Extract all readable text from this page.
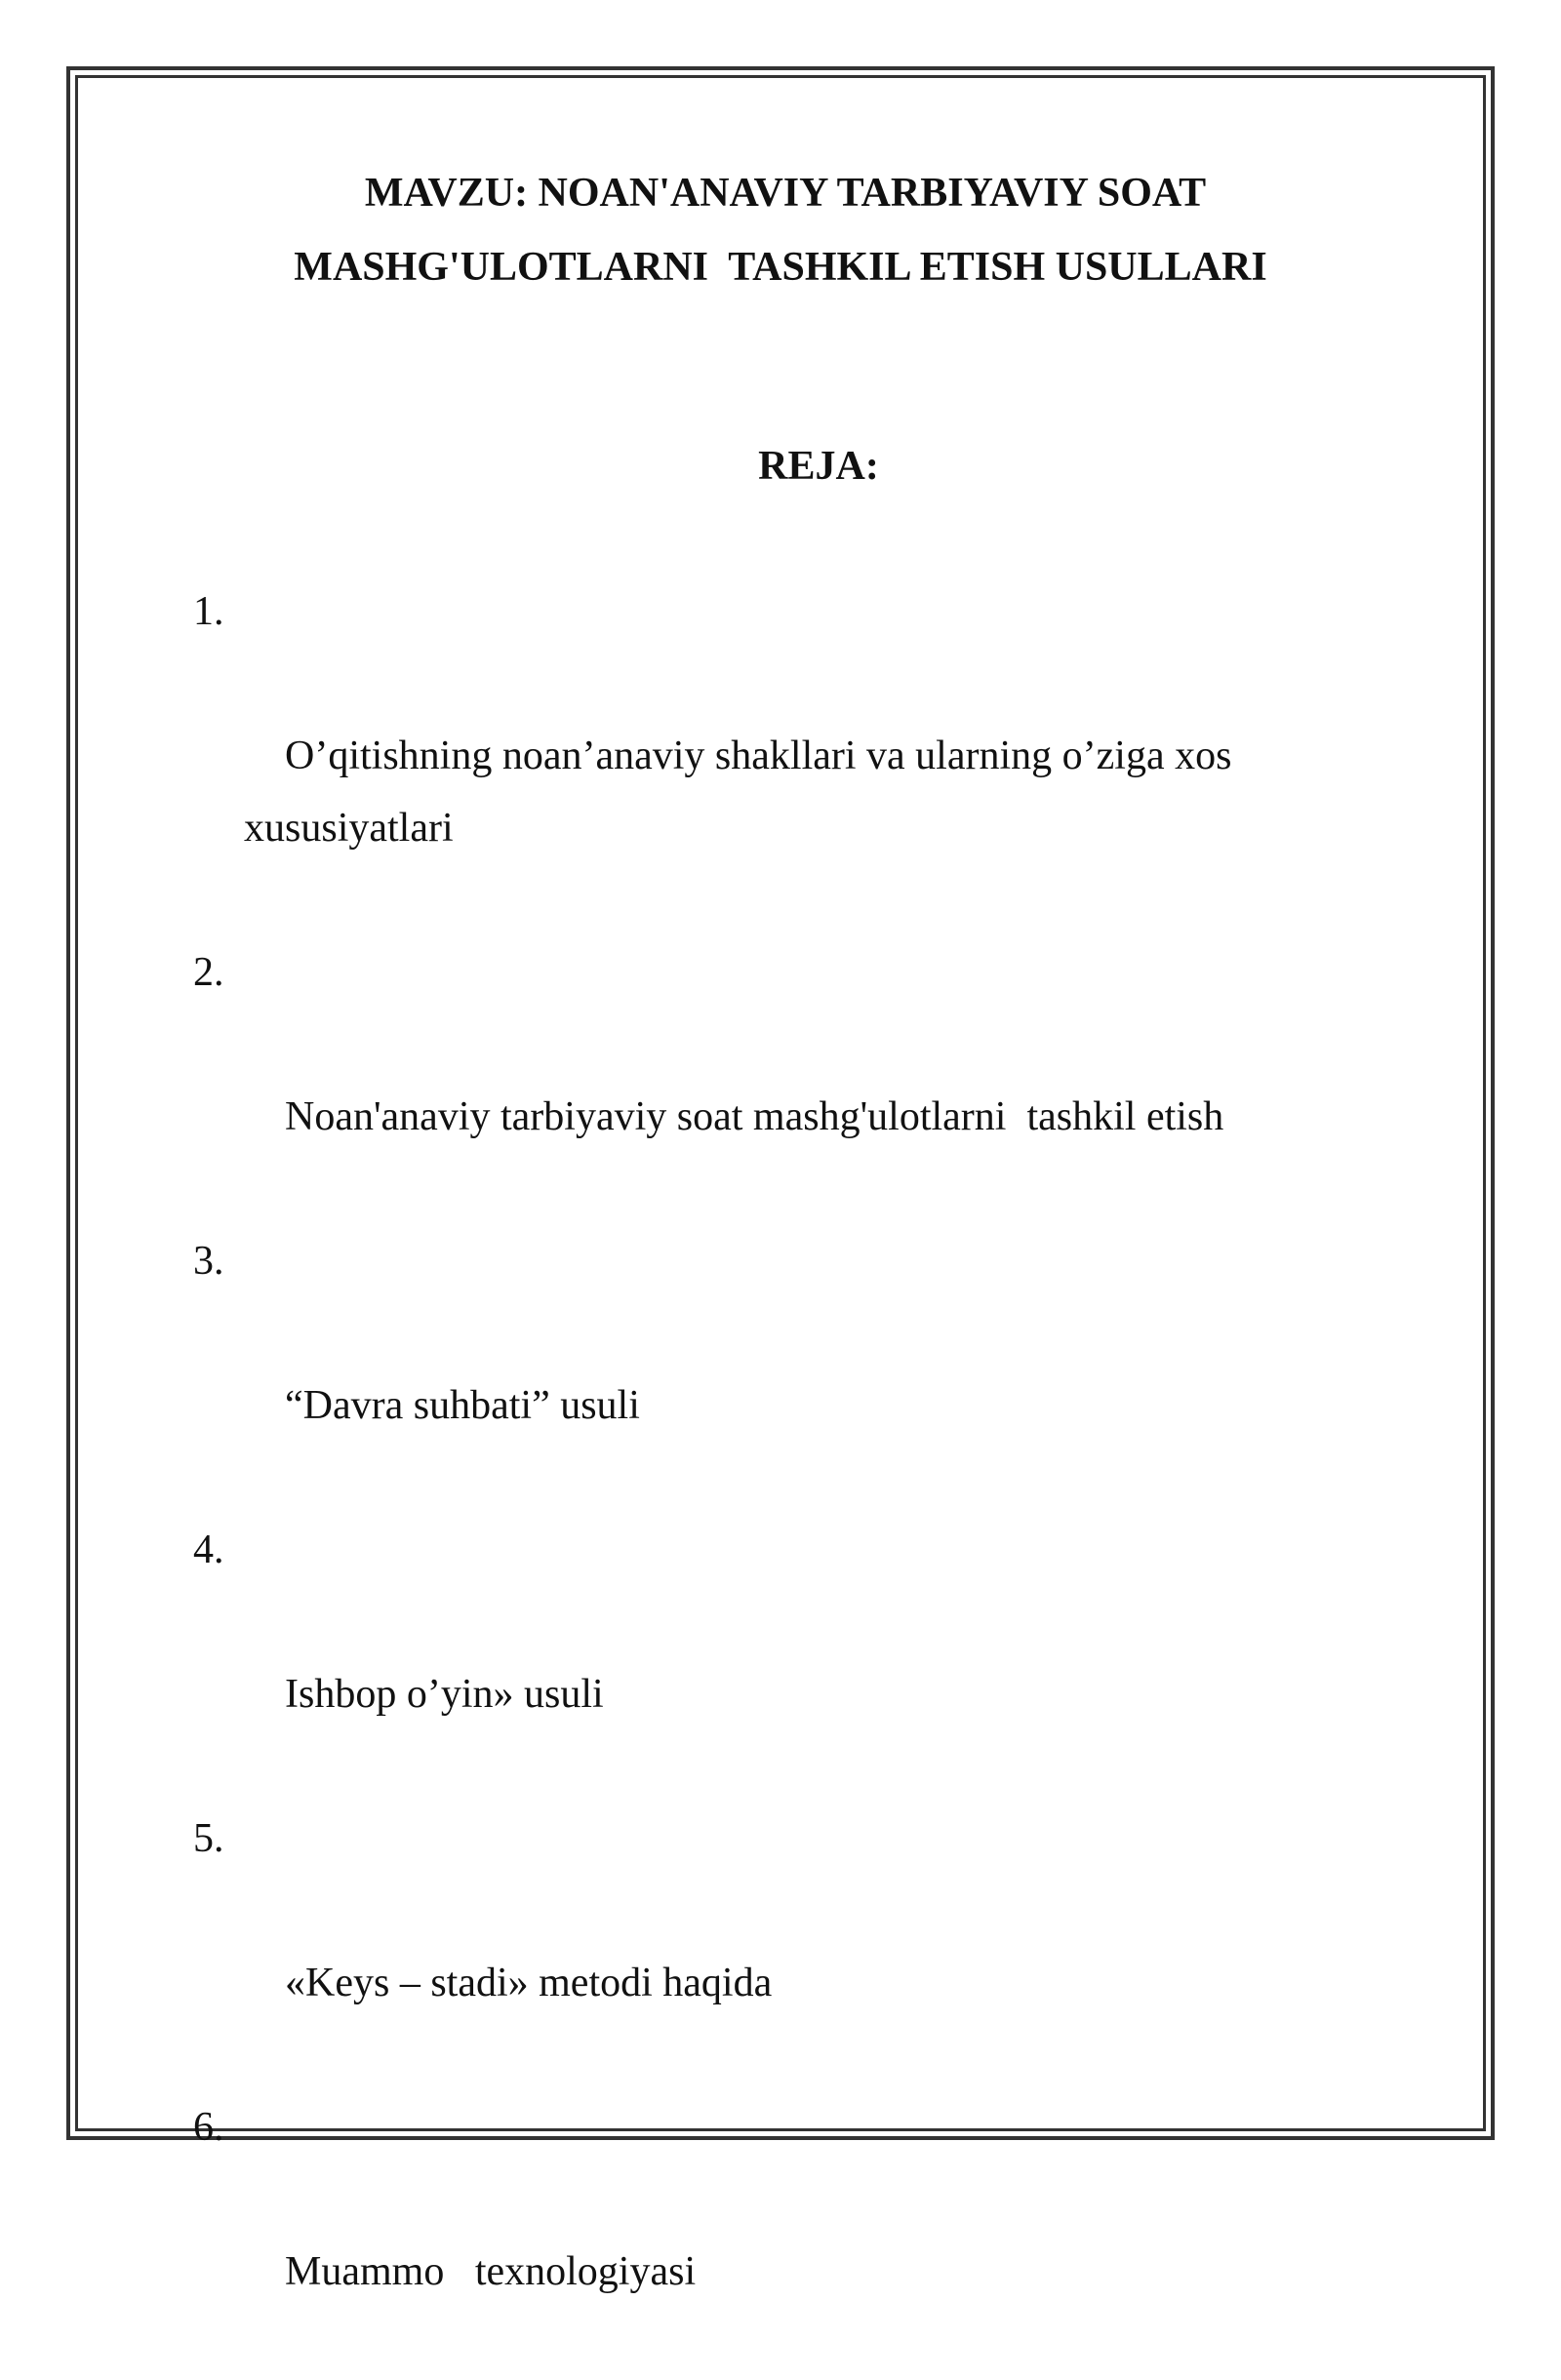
MAVZU: NOAN'ANAVIY TARBIYAVIY SOAT
MASHG'ULOTLARNI  TASHKIL ETISH USULLARI
REJA:

1.

O’qitishning noan’anaviy shakllari va ularning o’ziga xos xususiyatlari

2.

Noan'anaviy tarbiyaviy soat mashg'ulotlarni  tashkil etish

3.

“Davra suhbati” usuli

4.

Ishbop o’yin» usuli

5.

«Keys – stadi» metodi haqida

6.

Muammo   texnologiyasi
